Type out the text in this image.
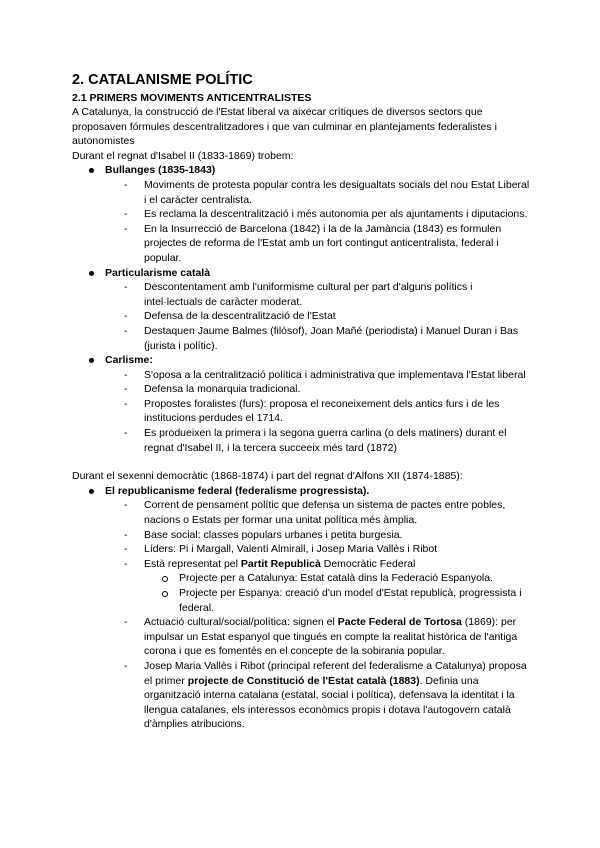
2. CATALANISME POLÍTIC
2.1 PRIMERS MOVIMENTS ANTICENTRALISTES

A Catalunya, la construcció de l'Estat liberal va aixecar crítiques de diversos sectors que proposaven fórmules descentralitzadores i que van culminar en plantejaments federalistes i autonomistes

Durant el regnat d'Isabel II (1833-1869) trobem:

Bullanges (1835-1843)
- Moviments de protesta popular contra les desigualtats socials del nou Estat Liberal i el caràcter centralista.
- Es reclama la descentralització i més autonomia per als ajuntaments i diputacions.
- En la Insurrecció de Barcelona (1842) i la de la Jamància (1843) es formulen projectes de reforma de l'Estat amb un fort contingut anticentralista, federal i popular.
Particularisme català
- Descontentament amb l'uniformisme cultural per part d'alguns polítics i intel·lectuals de caràcter moderat.
- Defensa de la descentralització de l'Estat
- Destaquen Jaume Balmes (filòsof), Joan Mañé (periodista) i Manuel Duran i Bas (jurista i polític).
Carlisme:
- S'oposa a la centralització política i administrativa que implementava l'Estat liberal
- Defensa la monarquia tradicional.
- Propostes foralistes (furs): proposa el reconeixement dels antics furs i de les institucions perdudes el 1714.
- Es produeixen la primera i la segona guerra carlina (o dels matiners) durant el regnat d'Isabel II, i la tercera succeeix més tard (1872)

Durant el sexenni democràtic (1868-1874) i part del regnat d'Alfons XII (1874-1885):

El republicanisme federal (federalisme progressista).
- Corrent de pensament polític que defensa un sistema de pactes entre pobles, nacions o Estats per formar una unitat política més àmplia.
- Base social: classes populars urbanes i petita burgesia.
- Líders: Pi i Margall, Valentí Almirall, i Josep Maria Vallès i Ribot
- Està representat pel Partit Republicà Democràtic Federal
Projecte per a Catalunya: Estat català dins la Federació Espanyola.
Projecte per Espanya: creació d'un model d'Estat republicà, progressista i federal.
- Actuació cultural/social/política: signen el Pacte Federal de Tortosa (1869): per impulsar un Estat espanyol que tingués en compte la realitat històrica de l'antiga corona i que es fomentés en el concepte de la sobirania popular.
- Josep Maria Vallès i Ribot (principal referent del federalisme a Catalunya) proposa el primer projecte de Constitució de l'Estat català (1883). Definia una organització interna catalana (estatal, social i política), defensava la identitat i la llengua catalanes, els interessos econòmics propis i dotava l'autogovern català d'àmplies atribucions.
